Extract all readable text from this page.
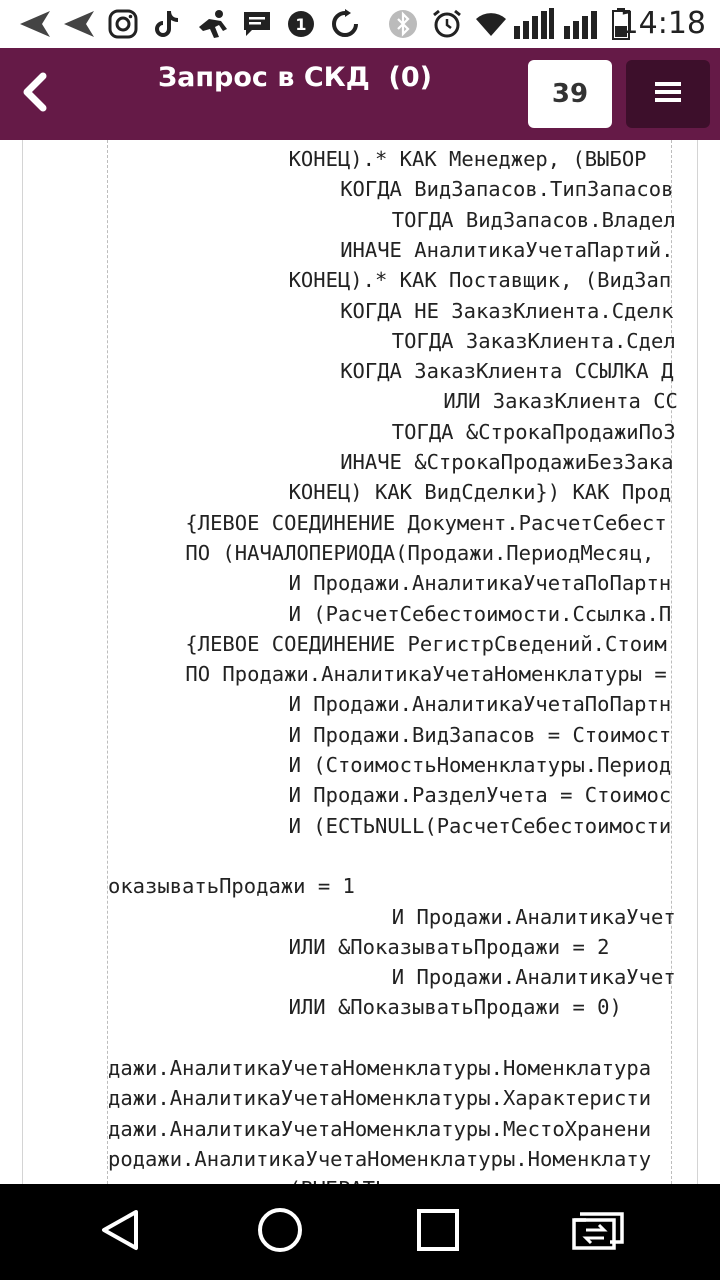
1	14:18
Запрос в СКД  (0)
39
КОНЕЦ).* КАК Менеджер, (ВЫБОР
КОГДА ВидЗапасов.ТипЗапасов
ТОГДА ВидЗапасов.Владел
ИНАЧЕ АналитикаУчетаПартий.
КОНЕЦ).* КАК Поставщик, (ВидЗап
КОГДА НЕ ЗаказКлиента.Сделк
ТОГДА ЗаказКлиента.Сдел
КОГДА ЗаказКлиента ССЫЛКА Д
ИЛИ ЗаказКлиента СС
ТОГДА &СтрокаПродажиПоЗ
ИНАЧЕ &СтрокаПродажиБезЗака
КОНЕЦ) КАК ВидСделки}) КАК Прод
{ЛЕВОЕ СОЕДИНЕНИЕ Документ.РасчетСебест
ПО (НАЧАЛОПЕРИОДА(Продажи.ПериодМесяц,
И Продажи.АналитикаУчетаПоПартн
И (РасчетСебестоимости.Ссылка.П
{ЛЕВОЕ СОЕДИНЕНИЕ РегистрСведений.Стоим
ПО Продажи.АналитикаУчетаНоменклатуры =
И Продажи.АналитикаУчетаПоПартн
И Продажи.ВидЗапасов = Стоимост
И (СтоимостьНоменклатуры.Период
И Продажи.РазделУчета = Стоимос
И (ЕСТЬNULL(РасчетСебестоимости
оказыватьПродажи = 1
И Продажи.АналитикаУчет
ИЛИ &ПоказыватьПродажи = 2
И Продажи.АналитикаУчет
ИЛИ &ПоказыватьПродажи = 0)
дажи.АналитикаУчетаНоменклатуры.Номенклатура
дажи.АналитикаУчетаНоменклатуры.Характеристи
дажи.АналитикаУчетаНоменклатуры.МестоХранени
родажи.АналитикаУчетаНоменклатуры.Номенклату
